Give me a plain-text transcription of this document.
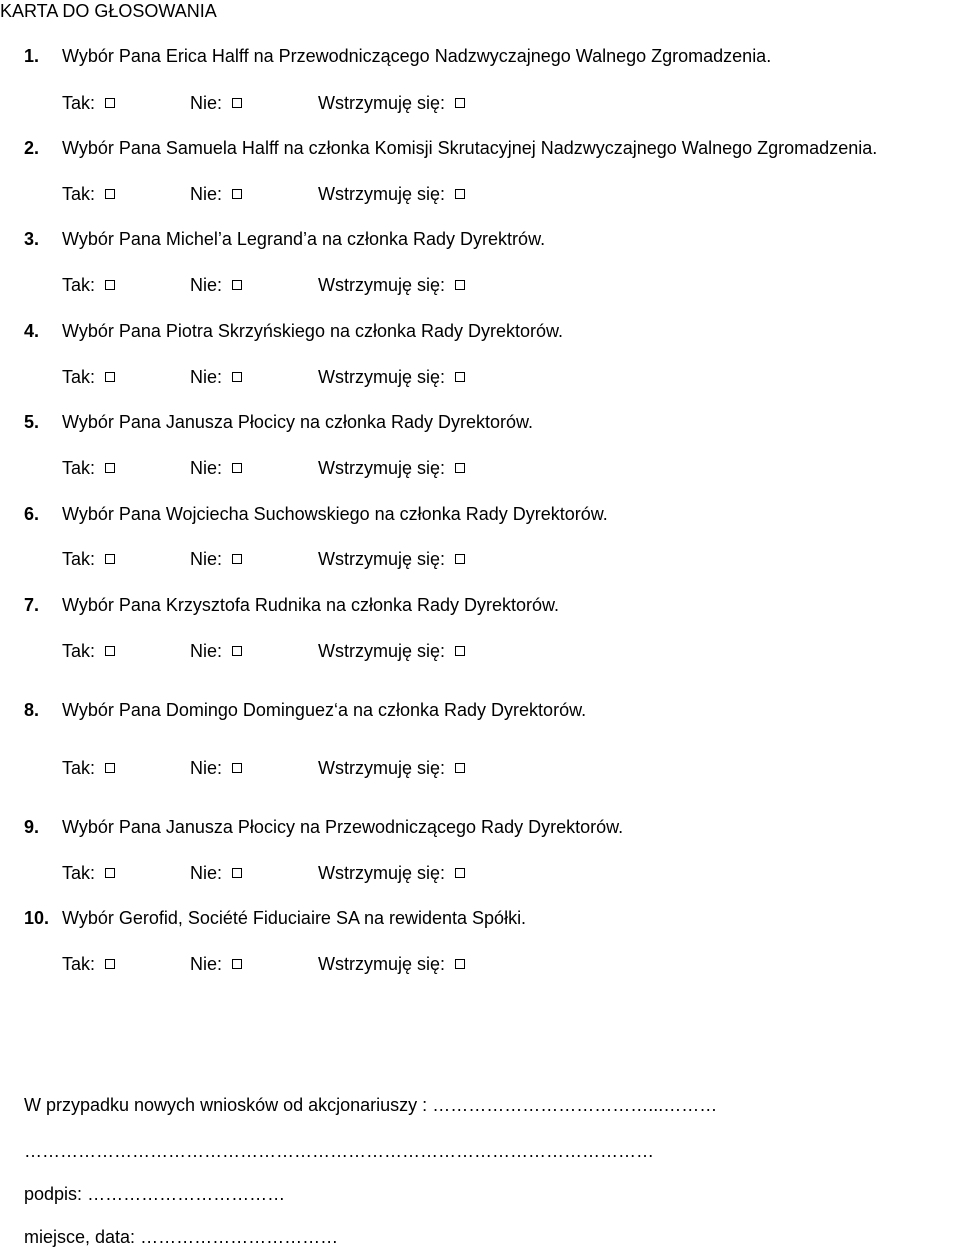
KARTA DO GŁOSOWANIA
1. Wybór Pana Erica Halff na Przewodniczącego Nadzwyczajnego Walnego Zgromadzenia.
Tak:	Nie:	Wstrzymuję się:
2. Wybór Pana Samuela Halff na członka Komisji Skrutacyjnej Nadzwyczajnego Walnego Zgromadzenia.
Tak:	Nie:	Wstrzymuję się:
3. Wybór Pana Michel’a Legrand’a na członka Rady Dyrektrów.
Tak:	Nie:	Wstrzymuję się:
4. Wybór Pana Piotra Skrzyńskiego na członka Rady Dyrektorów.
Tak:	Nie:	Wstrzymuję się:
5. Wybór Pana Janusza Płocicy na członka Rady Dyrektorów.
Tak:	Nie:	Wstrzymuję się:
6. Wybór Pana Wojciecha Suchowskiego na członka Rady Dyrektorów.
Tak:	Nie:	Wstrzymuję się:
7. Wybór Pana Krzysztofa Rudnika na członka Rady Dyrektorów.
Tak:	Nie:	Wstrzymuję się:
8. Wybór Pana Domingo Dominguez‘a na członka Rady Dyrektorów.
Tak:	Nie:	Wstrzymuję się:
9. Wybór Pana Janusza Płocicy na Przewodniczącego Rady Dyrektorów.
Tak:	Nie:	Wstrzymuję się:
10. Wybór Gerofid, Société Fiduciaire SA na rewidenta Spółki.
Tak:	Nie:	Wstrzymuję się:
W przypadku nowych wniosków od akcjonariuszy : ………………………………...………
……………………………………………………………………………………………
podpis: ……………………………
miejsce, data: ……………………………
